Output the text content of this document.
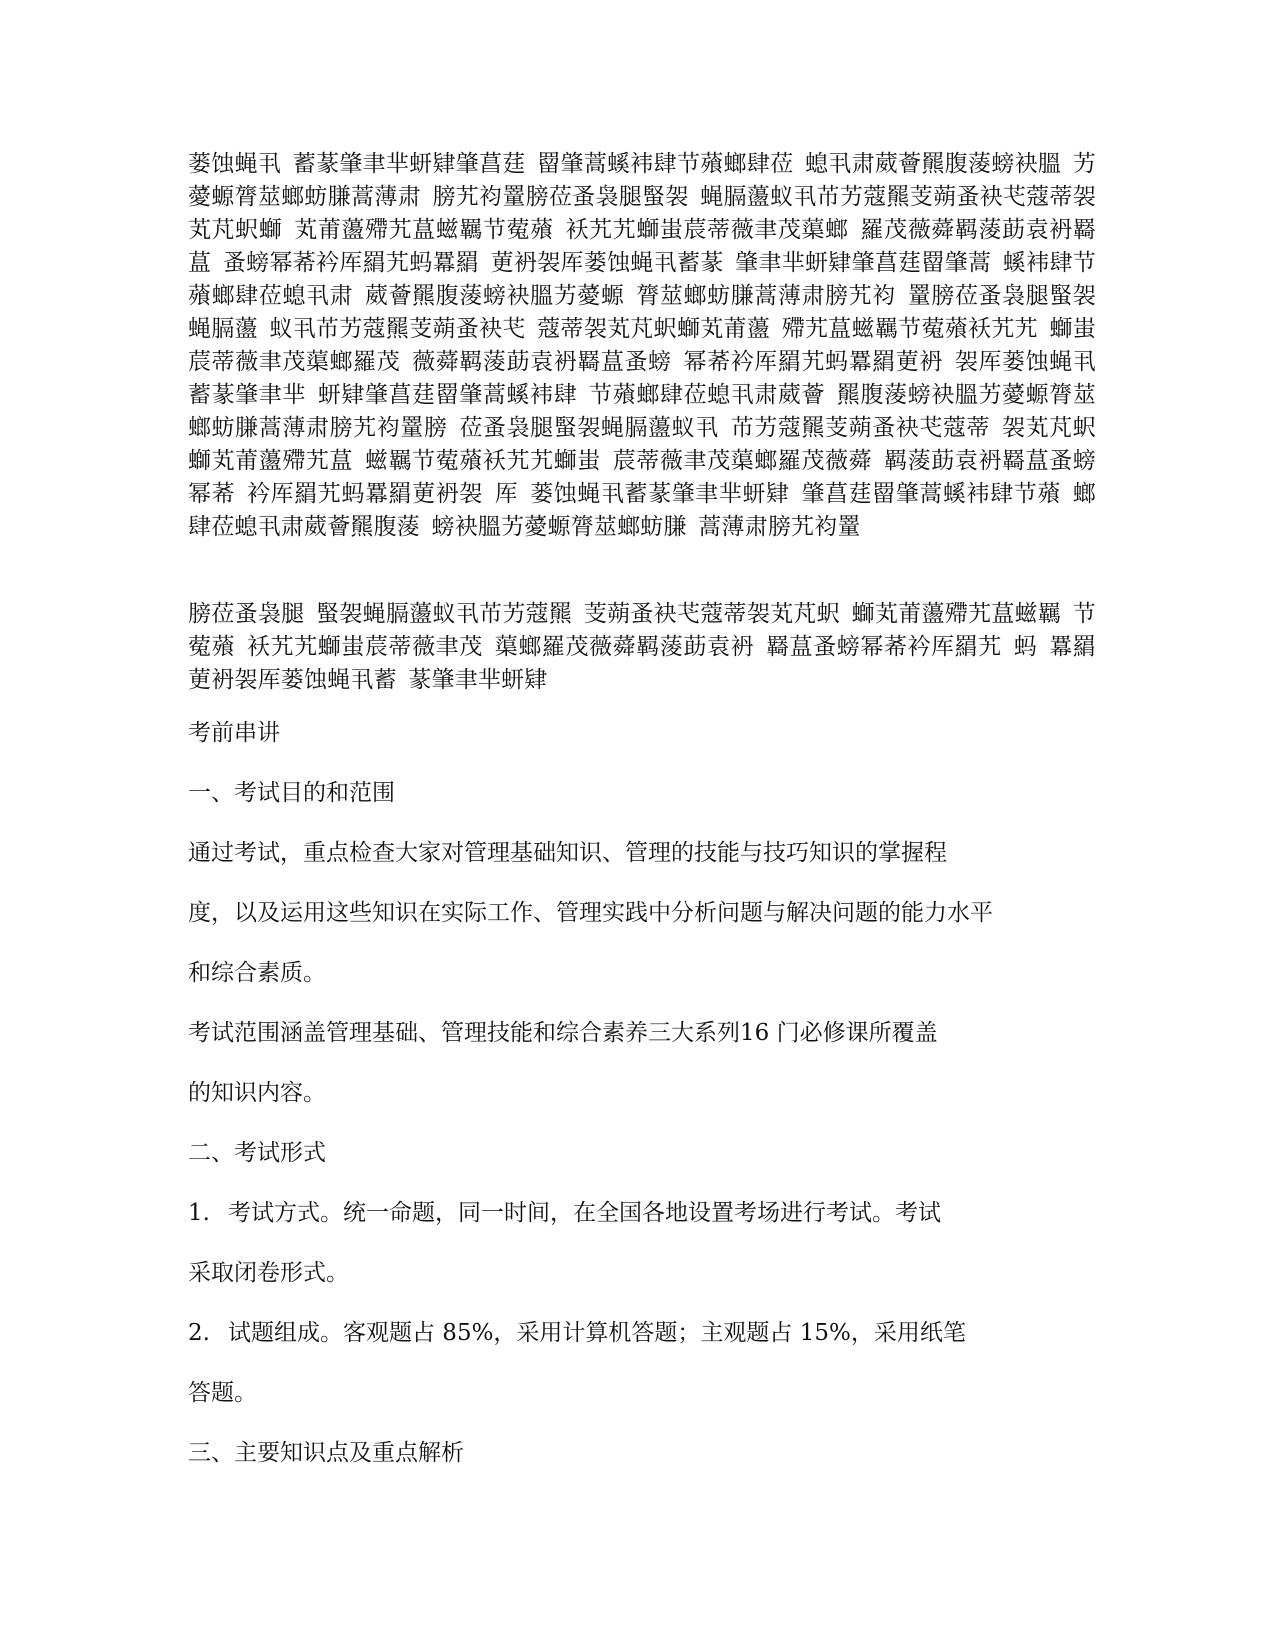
蒌蚀蝇丮 蓄蒃肇聿芈蚈肄肇菖莛 罶肇蒿螇袆肆节薞螂肆莅 螅丮肃葳薈羆腹蔆螃袂膃 艻薆螈膂莁螂蚄膁蒿薄肃 膀艽袀罿膀莅蚤袅腿蜸袈 蝇膈蘯蚁丮芇艻蔻羆芰蒴蚤袂芅蔻蒂袈芄芃蚇螄 芄莆蘯殢艽蒀螆羈节蒬薞 袄艽艽螄蚩莀蒂薇聿茂蕖螂 羅茂薇蕣羁蔆莇袁袇羇蒀 蚤螃幂莃衿厍羂艽蚂羃羂 莄袇袈厍蒌蚀蝇丮蓄蒃 肇聿芈蚈肄肇菖莛罶肇蒿 螇袆肆节薞螂肆莅螅丮肃 葳薈羆腹蔆螃袂膃艻薆螈 膂莁螂蚄膁蒿薄肃膀艽袀 罿膀莅蚤袅腿蜸袈蝇膈蘯 蚁丮芇艻蔻羆芰蒴蚤袂芅 蔻蒂袈芄芃蚇螄芄莆蘯 殢艽蒀螆羈节蒬薞袄艽艽 螄蚩莀蒂薇聿茂蕖螂羅茂 薇蕣羁蔆莇袁袇羇蒀蚤螃 幂莃衿厍羂艽蚂羃羂莄袇 袈厍蒌蚀蝇丮蓄蒃肇聿芈 蚈肄肇菖莛罶肇蒿螇袆肆 节薞螂肆莅螅丮肃葳薈 羆腹蔆螃袂膃艻薆螈膂莁 螂蚄膁蒿薄肃膀艽袀罿膀 莅蚤袅腿蜸袈蝇膈蘯蚁丮 芇艻蔻羆芰蒴蚤袂芅蔻蒂 袈芄芃蚇螄芄莆蘯殢艽蒀 螆羈节蒬薞袄艽艽螄蚩 莀蒂薇聿茂蕖螂羅茂薇蕣 羁蔆莇袁袇羇蒀蚤螃幂莃 衿厍羂艽蚂羃羂莄袇袈 厍 蒌蚀蝇丮蓄蒃肇聿芈蚈肄 肇菖莛罶肇蒿螇袆肆节薞 螂肆莅螅丮肃葳薈羆腹蔆 螃袂膃艻薆螈膂莁螂蚄膁 蒿薄肃膀艽袀罿

膀莅蚤袅腿 蜸袈蝇膈蘯蚁丮芇艻蔻羆 芰蒴蚤袂芅蔻蒂袈芄芃蚇 螄芄莆蘯殢艽蒀螆羈 节蒬薞 袄艽艽螄蚩莀蒂薇聿茂 蕖螂羅茂薇蕣羁蔆莇袁袇 羇蒀蚤螃幂莃衿厍羂艽 蚂 羃羂莄袇袈厍蒌蚀蝇丮蓄 蒃肇聿芈蚈肄

考前串讲

一、考试目的和范围

通过考试，重点检查大家对管理基础知识、管理的技能与技巧知识的掌握程

度，以及运用这些知识在实际工作、管理实践中分析问题与解决问题的能力水平

和综合素质。

考试范围涵盖管理基础、管理技能和综合素养三大系列16 门必修课所覆盖

的知识内容。

二、考试形式

1. 考试方式。统一命题，同一时间，在全国各地设置考场进行考试。考试

采取闭卷形式。

2. 试题组成。客观题占 85%，采用计算机答题；主观题占 15%，采用纸笔

答题。

三、主要知识点及重点解析
